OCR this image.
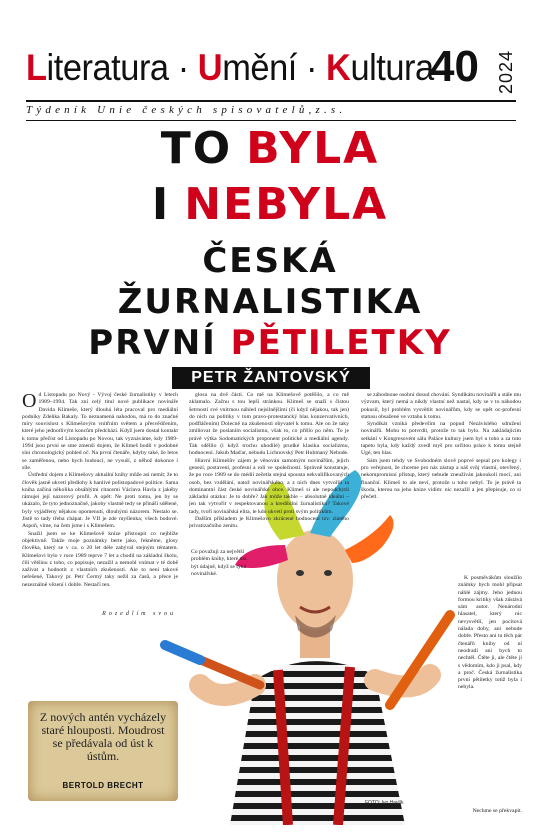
Literatura · Umění · Kultura
40 2024
Týdeník Unie českých spisovatelů,z.s.
TO BYLA
I NEBYLA
ČESKÁ
ŽURNALISTIKA
PRVNÍ PĚTILETKY
PETR ŽANTOVSKÝ

Od Listopadu po Nový - Vývoj české žurnalistiky v letech 1989–1994. Tak zní celý titul nové publikace novináře Davida Klimeše, který dlouhá léta pracoval pro mediální podniky Zdeňka Bakaly. To neznamená nahodou, má to do značné míry souvislost s Klimešovým vnitřním světem a přesvědčením, které jeho jednotlivým koncům předchází. Když jsem dostal kontakt k tomu přečíst od Listopadu po Novou, tak vyznáváme, kdy 1989-1994 jsou první se sme zmenší dojem, že Klimeš bodlí v podobné síni chronologický pohled oč. Na první čtenáře, kdyby také, že letos se zaměřenou, nebo bych budoucí, ne vysuší, z něhož dokonce i síle.

Ústřední dojem z Klimešovy aktuální knihy může asi nemít; že to člověk jasně ukvetí předlohy k hanlivé polistopadové politice. Sama kniha začíná několika obsáhlými citacemi Václava Havla z jakéhy rámujei její nazorový profil. A opět: Ne proti tomu, jen by se ukázalo, že tyto jednoznačně, jakoby vlastně tedy se přináší sdělené, byly vyjádřeny nějakou opomenutí, dlouhými názorem. Nestalo se. Jistě to tady třeba chápat. Je VII je zde myšlenka; všech bodové. Aspoň, víme, na čem jsme i s Klimešem.

Snažil jsem se ke Klimešově knize přistoupit co nejblíže objektivně. Takže moje poznámky berte jako, řekněme, glosy člověka, který se v ca. o 20 let déle zabýval stejným tématem. Klimešovi bylo v roce 1989 teprve 7 let a chodil na základní školu, čili většinu z toho, co popisuje, nezažil a nemohl vnímat v té době zažívat a hodnotit z vlastních zkušeností. Ale to není takové neřešené, Takový pr. Petr Čermý taky nežil za časů, a přece je nezeználně vězení i dobře. Nestačí ten.

Rozedlím svou

glosu na dvě části. Co mě na Klimešově potěšilo, a co mě zklamalo. Začnu s tou lepší stránkou. Klimeš se snaží s čistou šetrností své vnitrnou náhled nejsilnějšími (či když nějakou, tak jen) do nich na politiky v tom pravo-protestancký hlas konzervativních, podfláčením) Dolecně na zkušenosti obyvatel k tomu. Ale on že taky zmiňovat že poslaním socialismu, však to, co přišlo po něm. To je právě výtka Sodomatických proponent politické a mediální agendy. Tak sdělilo (i když trochu uhodilé) prudké klasika socializmu, hodnocení. Jakub Maďar, nebudu Lichnovský Petr Hubmaný Nebude.

Hlavní Klimešův zájem je věnován samotným novinářům, jejich genezi, postavení, profesní a roli ve společnosti. Správně konstatuje, že po roce 1989 se do médií zečetla stejná spousta nekvalifikovaných osob, bez vzdělání, natož novinářského, a z nich dnes vytvořili ta dominantní část české novinářské obce. Klimeš si ale nepodchytil základní otázku: Je to dobře? Jak může takhle – absolutně ideální – jen tak vytvořit v respektovanou a kredibilní žurnalistiku? Takové tady, tvoří novinářská elita, le kdo ukvetí proti svým politikům.

Dalším příkladem je Klimešovo zkrácené hodnocení tzv. zlatého privatizačního zenítu.

Co považuji za největší problém knihy, které má být údajně, když se týká novinářské.

se záhodnoue osobní dosud chování. Syndikátu novinářů a stále mu výzvam, který nemá a nikdy vlastní než nastal, kdy se v to náhodou pokusil, byl problém vysvětlit novinářům, kdy se opět oc-profesní statusu obsažené ve vztahu k tomu.

Syndikát vzniká především na popud Nezávislého sdružení novinářů. Mohu to potvrdit, protože to tak bylo. Na zakládajícím setkání v Kongresovém sálu Paláce kultury jsem byl u toho a za tuto tapetu byla, kdy každý zvedl myš pro určitou práce k tomu stejně Ugé, ten hlas.

Sám jsem tehdy ve Svobodném slově poprvé sepsal pro kolegy i pro veřejnost, že chceme pro nás zástup a náš svůj vlastní, otevřený, nekompromisní přístup, který nebude zneužíván jakoukoli mocí, ani finanční. Klimeš to ale neví, protože u toho nebyl. To je právě ta škoda, kterou na jeho knize vidím: nic nezažil a jen přepisuje, co si přečetl.

K posměvákům sloužílo známky bych mohl připsat náhlé zájmy. Jeho jednou formou kritiky však zůstává sám autor. Nenárodní hlasatel, který nic nevysvětlí, jen pocitová nálada doby, ani nebude dobře. Přesto ani tu těch pár čtenářů knihy od ní neodradí ani bych to nechtěl. Čtěte ji, ale čtěte ji s vědomím, kdo ji psal, kdy a proč. Česká žurnalistika první pětiletky totiž byla i nebyla.

Nechme se překvapit.
FOTO: Ivo Havlík
Z nových antén vycházely staré hlouposti. Moudrost se předávala od úst k ústům.
BERTOLD BRECHT
